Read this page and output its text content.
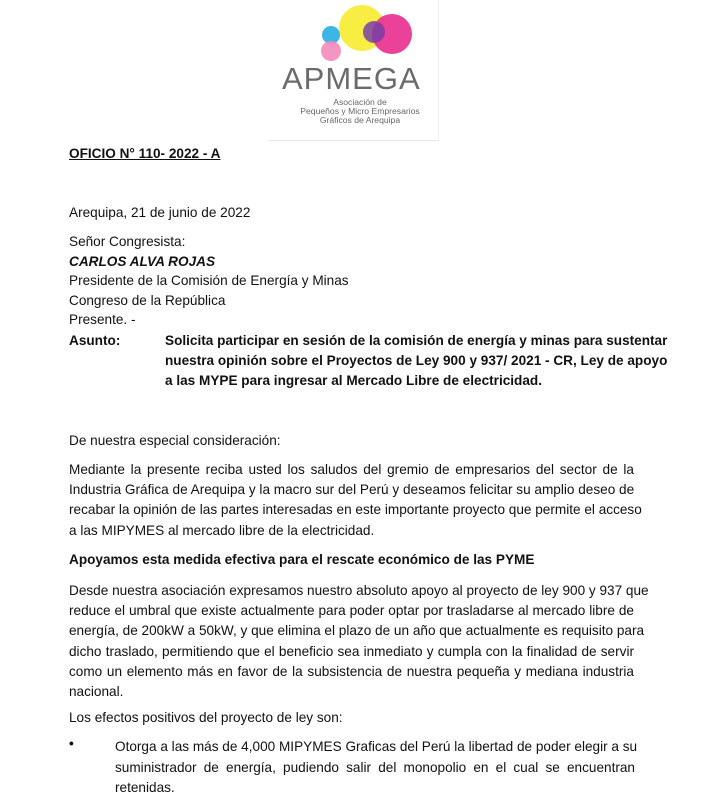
APMEGA
Asociación de
Pequeños y Micro Empresarios
Gráficos de Arequipa
OFICIO N° 110- 2022 - A
Arequipa, 21 de junio de 2022
Señor Congresista:
CARLOS ALVA ROJAS
Presidente de la Comisión de Energía y Minas
Congreso de la República
Presente. -
Asunto:	Solicita participar en sesión de la comisión de energía y minas para sustentar
nuestra opinión sobre el Proyectos de Ley 900 y 937/ 2021 - CR, Ley de apoyo
a las MYPE para ingresar al Mercado Libre de electricidad.
De nuestra especial consideración:
Mediante la presente reciba usted los saludos del gremio de empresarios del sector de la
Industria Gráfica de Arequipa y la macro sur del Perú y deseamos felicitar su amplio deseo de
recabar la opinión de las partes interesadas en este importante proyecto que permite el acceso
a las MIPYMES al mercado libre de la electricidad.
Apoyamos esta medida efectiva para el rescate económico de las PYME
Desde nuestra asociación expresamos nuestro absoluto apoyo al proyecto de ley 900 y 937 que
reduce el umbral que existe actualmente para poder optar por trasladarse al mercado libre de
energía, de 200kW a 50kW, y que elimina el plazo de un año que actualmente es requisito para
dicho traslado, permitiendo que el beneficio sea inmediato y cumpla con la finalidad de servir
como un elemento más en favor de la subsistencia de nuestra pequeña y mediana industria
nacional.
Los efectos positivos del proyecto de ley son:
•	Otorga a las más de 4,000 MIPYMES Graficas del Perú la libertad de poder elegir a su
suministrador de energía, pudiendo salir del monopolio en el cual se encuentran
retenidas.
